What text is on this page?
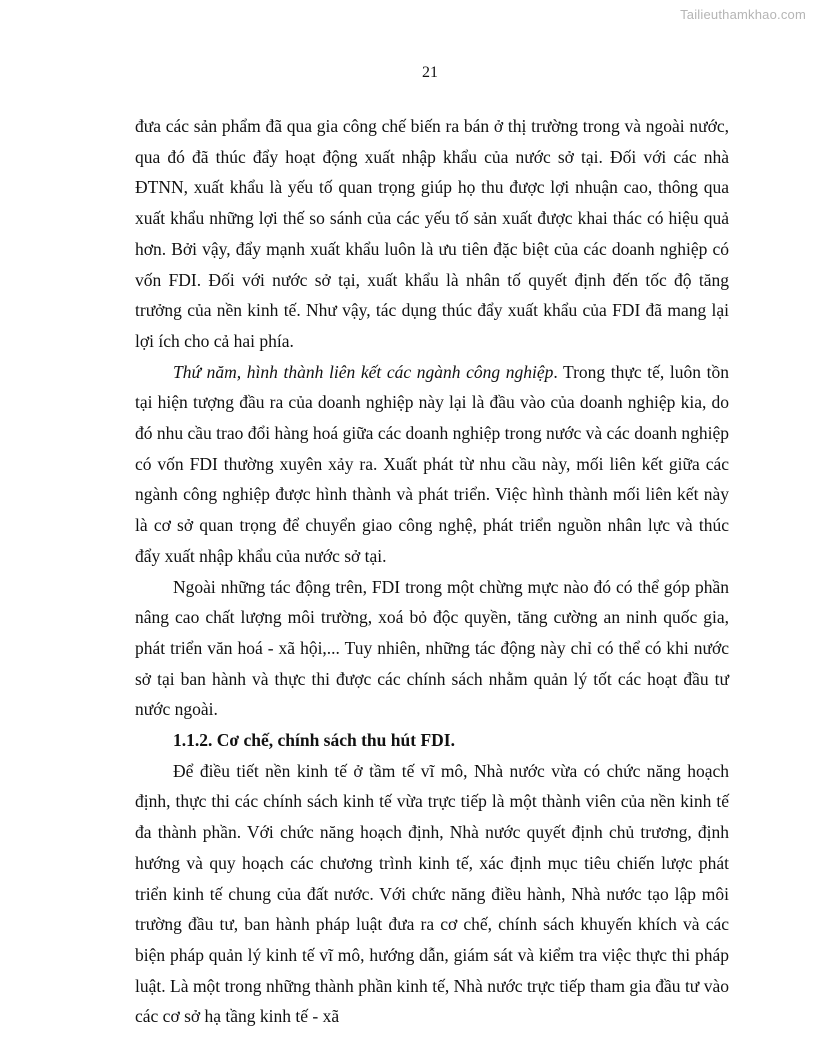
Tailieuthamkhao.com
21

đưa các sản phẩm đã qua gia công chế biến ra bán ở thị trường trong và ngoài nước, qua đó đã thúc đẩy hoạt động xuất nhập khẩu của nước sở tại. Đối với các nhà ĐTNN, xuất khẩu là yếu tố quan trọng giúp họ thu được lợi nhuận cao, thông qua xuất khẩu những lợi thế so sánh của các yếu tố sản xuất được khai thác có hiệu quả hơn. Bởi vậy, đẩy mạnh xuất khẩu luôn là ưu tiên đặc biệt của các doanh nghiệp có vốn FDI. Đối với nước sở tại, xuất khẩu là nhân tố quyết định đến tốc độ tăng trưởng của nền kinh tế. Như vậy, tác dụng thúc đẩy xuất khẩu của FDI đã mang lại lợi ích cho cả hai phía.

Thứ năm, hình thành liên kết các ngành công nghiệp. Trong thực tế, luôn tồn tại hiện tượng đầu ra của doanh nghiệp này lại là đầu vào của doanh nghiệp kia, do đó nhu cầu trao đổi hàng hoá giữa các doanh nghiệp trong nước và các doanh nghiệp có vốn FDI thường xuyên xảy ra. Xuất phát từ nhu cầu này, mối liên kết giữa các ngành công nghiệp được hình thành và phát triển. Việc hình thành mối liên kết này là cơ sở quan trọng để chuyển giao công nghệ, phát triển nguồn nhân lực và thúc đẩy xuất nhập khẩu của nước sở tại.

Ngoài những tác động trên, FDI trong một chừng mực nào đó có thể góp phần nâng cao chất lượng môi trường, xoá bỏ độc quyền, tăng cường an ninh quốc gia, phát triển văn hoá - xã hội,... Tuy nhiên, những tác động này chỉ có thể có khi nước sở tại ban hành và thực thi được các chính sách nhằm quản lý tốt các hoạt đầu tư nước ngoài.

1.1.2. Cơ chế, chính sách thu hút FDI.

Để điều tiết nền kinh tế ở tầm tế vĩ mô, Nhà nước vừa có chức năng hoạch định, thực thi các chính sách kinh tế vừa trực tiếp là một thành viên của nền kinh tế đa thành phần. Với chức năng hoạch định, Nhà nước quyết định chủ trương, định hướng và quy hoạch các chương trình kinh tế, xác định mục tiêu chiến lược phát triển kinh tế chung của đất nước. Với chức năng điều hành, Nhà nước tạo lập môi trường đầu tư, ban hành pháp luật đưa ra cơ chế, chính sách khuyến khích và các biện pháp quản lý kinh tế vĩ mô, hướng dẫn, giám sát và kiểm tra việc thực thi pháp luật. Là một trong những thành phần kinh tế, Nhà nước trực tiếp tham gia đầu tư vào các cơ sở hạ tầng kinh tế - xã
